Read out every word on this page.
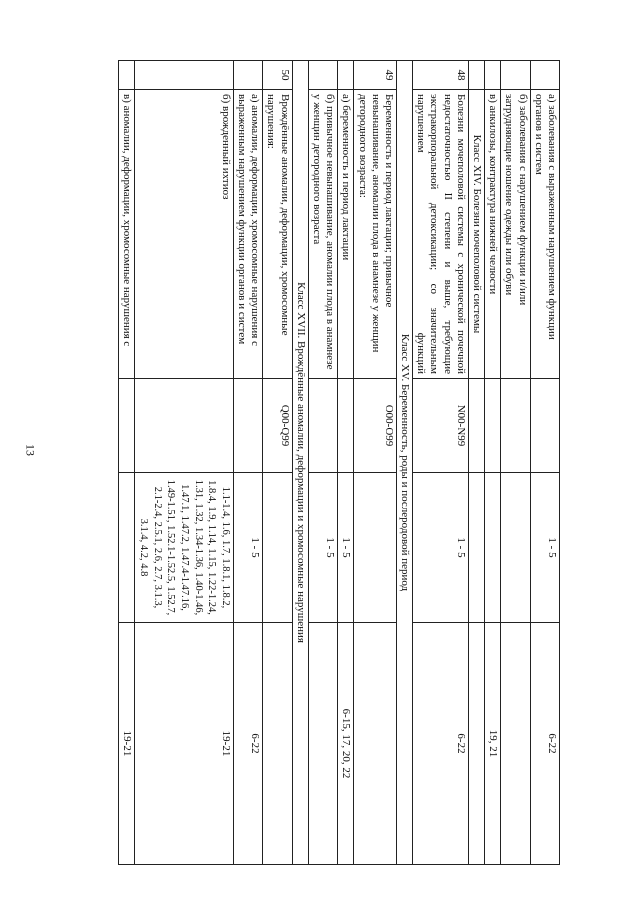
13
	а) заболевания с выраженным нарушением функции органов и систем		1 - 5	6-22
	б) заболевания с нарушением функции и/или затрудняющие ношение одежды или обуви			
	в) анкилозы, контрактура нижней челюсти			19, 21
	Класс XIV. Болезни мочеполовой системы			
48	Болезни мочеполовой системы с хронической почечной недостаточностью II степени и выше, требующие экстракорпоральной детоксикации; со значительным нарушением функций	N00-N99	1 - 5	6-22
Класс XV. Беременность, роды и послеродовой период				
49	Беременность и период лактации; привычное невынашивание, аномалии плода в анамнезе у женщин детородного возраста:	O00-O99		
	а) беременность и период лактации		1 - 5	6-15, 17, 20, 22
	б) привычное невынашивание, аномалии плода в анамнезе у женщин детородного возраста		1 - 5	
Класс XVII. Врождённые аномалии, деформации и хромосомные нарушения				
50	Врождённые аномалии, деформации, хромосомные нарушения:	Q00-Q99		
	а) аномалии, деформации, хромосомные нарушения с выраженным нарушением функции органов и систем		1 - 5	6-22
	б) врожденный ихтиоз		1.1-1.4, 1.6, 1.7, 1.8.1, 1.8.2, 1.8.4, 1.9, 1.14, 1.15, 1.22-1.24, 1.31, 1.32, 1.34-1.36, 1.40-1.46, 1.47.1, 1.47.2, 1.47.4-1.47.16, 1.49-1.51, 1.52.1-1.52.5, 1.52.7, 2.1-2.4, 2.5.1, 2.6, 2.7, 3.1.3, 3.1.4, 4.2, 4.8	19-21
	в) аномалии, деформации, хромосомные нарушения с			19-21
